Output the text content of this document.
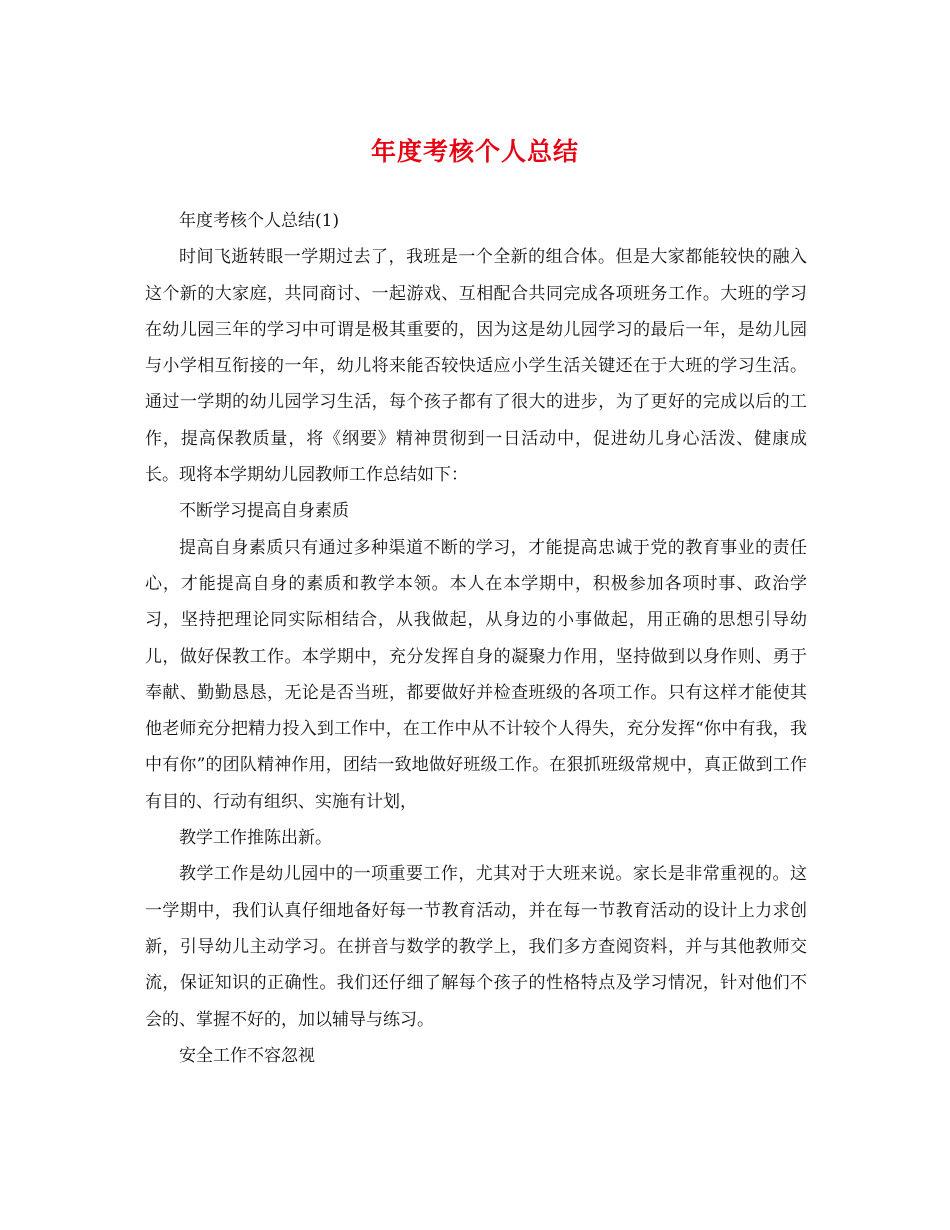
年度考核个人总结

年度考核个人总结(1)

时间飞逝转眼一学期过去了，我班是一个全新的组合体。但是大家都能较快的融入这个新的大家庭，共同商讨、一起游戏、互相配合共同完成各项班务工作。大班的学习在幼儿园三年的学习中可谓是极其重要的，因为这是幼儿园学习的最后一年，是幼儿园与小学相互衔接的一年，幼儿将来能否较快适应小学生活关键还在于大班的学习生活。通过一学期的幼儿园学习生活，每个孩子都有了很大的进步，为了更好的完成以后的工作，提高保教质量，将《纲要》精神贯彻到一日活动中，促进幼儿身心活泼、健康成长。现将本学期幼儿园教师工作总结如下：

不断学习提高自身素质

提高自身素质只有通过多种渠道不断的学习，才能提高忠诚于党的教育事业的责任心，才能提高自身的素质和教学本领。本人在本学期中，积极参加各项时事、政治学习，坚持把理论同实际相结合，从我做起，从身边的小事做起，用正确的思想引导幼儿，做好保教工作。本学期中，充分发挥自身的凝聚力作用，坚持做到以身作则、勇于奉献、勤勤恳恳，无论是否当班，都要做好并检查班级的各项工作。只有这样才能使其他老师充分把精力投入到工作中，在工作中从不计较个人得失，充分发挥“你中有我，我中有你”的团队精神作用，团结一致地做好班级工作。在狠抓班级常规中，真正做到工作有目的、行动有组织、实施有计划，

教学工作推陈出新。

教学工作是幼儿园中的一项重要工作，尤其对于大班来说。家长是非常重视的。这一学期中，我们认真仔细地备好每一节教育活动，并在每一节教育活动的设计上力求创新，引导幼儿主动学习。在拼音与数学的教学上，我们多方查阅资料，并与其他教师交流，保证知识的正确性。我们还仔细了解每个孩子的性格特点及学习情况，针对他们不会的、掌握不好的，加以辅导与练习。

安全工作不容忽视
